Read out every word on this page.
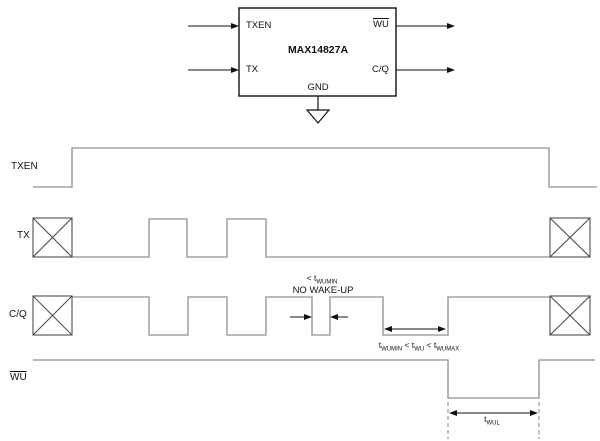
MAX14827A
TXEN
TX
$\overline{WU}$
C/Q
GND
TXEN
TX
C/Q
$\overline{WU}$
< $t_{WUMIN}$
NO WAKE-UP
$t_{WUMIN} < t_{WU} < t_{WUMAX}$
$t_{WUL}$
